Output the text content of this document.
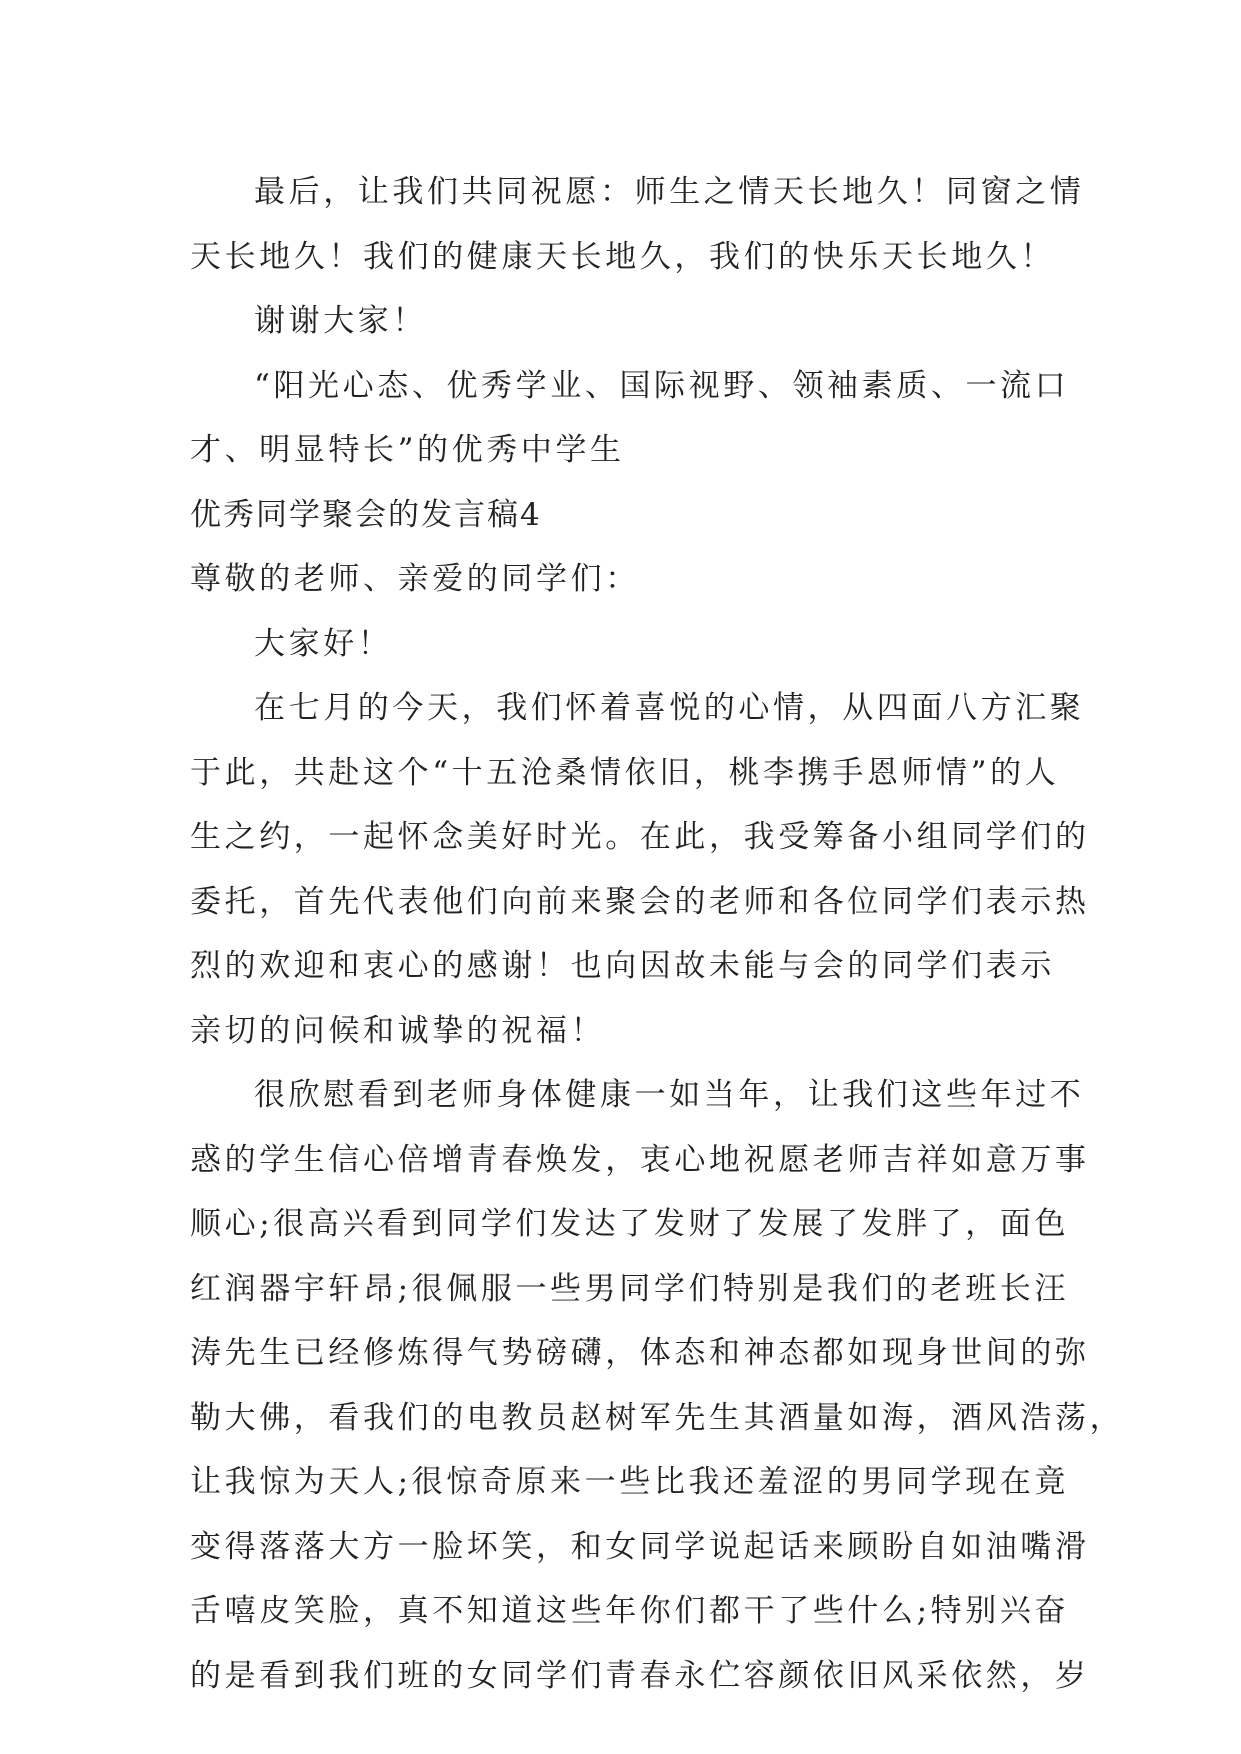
最后，让我们共同祝愿：师生之情天长地久！同窗之情
天长地久！我们的健康天长地久，我们的快乐天长地久！
谢谢大家！
“阳光心态、优秀学业、国际视野、领袖素质、一流口
才、明显特长”的优秀中学生
优秀同学聚会的发言稿4
尊敬的老师、亲爱的同学们：
大家好！
在七月的今天，我们怀着喜悦的心情，从四面八方汇聚
于此，共赴这个“十五沧桑情依旧，桃李携手恩师情”的人
生之约，一起怀念美好时光。在此，我受筹备小组同学们的
委托，首先代表他们向前来聚会的老师和各位同学们表示热
烈的欢迎和衷心的感谢！也向因故未能与会的同学们表示
亲切的问候和诚挚的祝福！
很欣慰看到老师身体健康一如当年，让我们这些年过不
惑的学生信心倍增青春焕发，衷心地祝愿老师吉祥如意万事
顺心;很高兴看到同学们发达了发财了发展了发胖了，面色
红润器宇轩昂;很佩服一些男同学们特别是我们的老班长汪
涛先生已经修炼得气势磅礴，体态和神态都如现身世间的弥
勒大佛，看我们的电教员赵树军先生其酒量如海，酒风浩荡，
让我惊为天人;很惊奇原来一些比我还羞涩的男同学现在竟
变得落落大方一脸坏笑，和女同学说起话来顾盼自如油嘴滑
舌嘻皮笑脸，真不知道这些年你们都干了些什么;特别兴奋
的是看到我们班的女同学们青春永伫容颜依旧风采依然，岁
